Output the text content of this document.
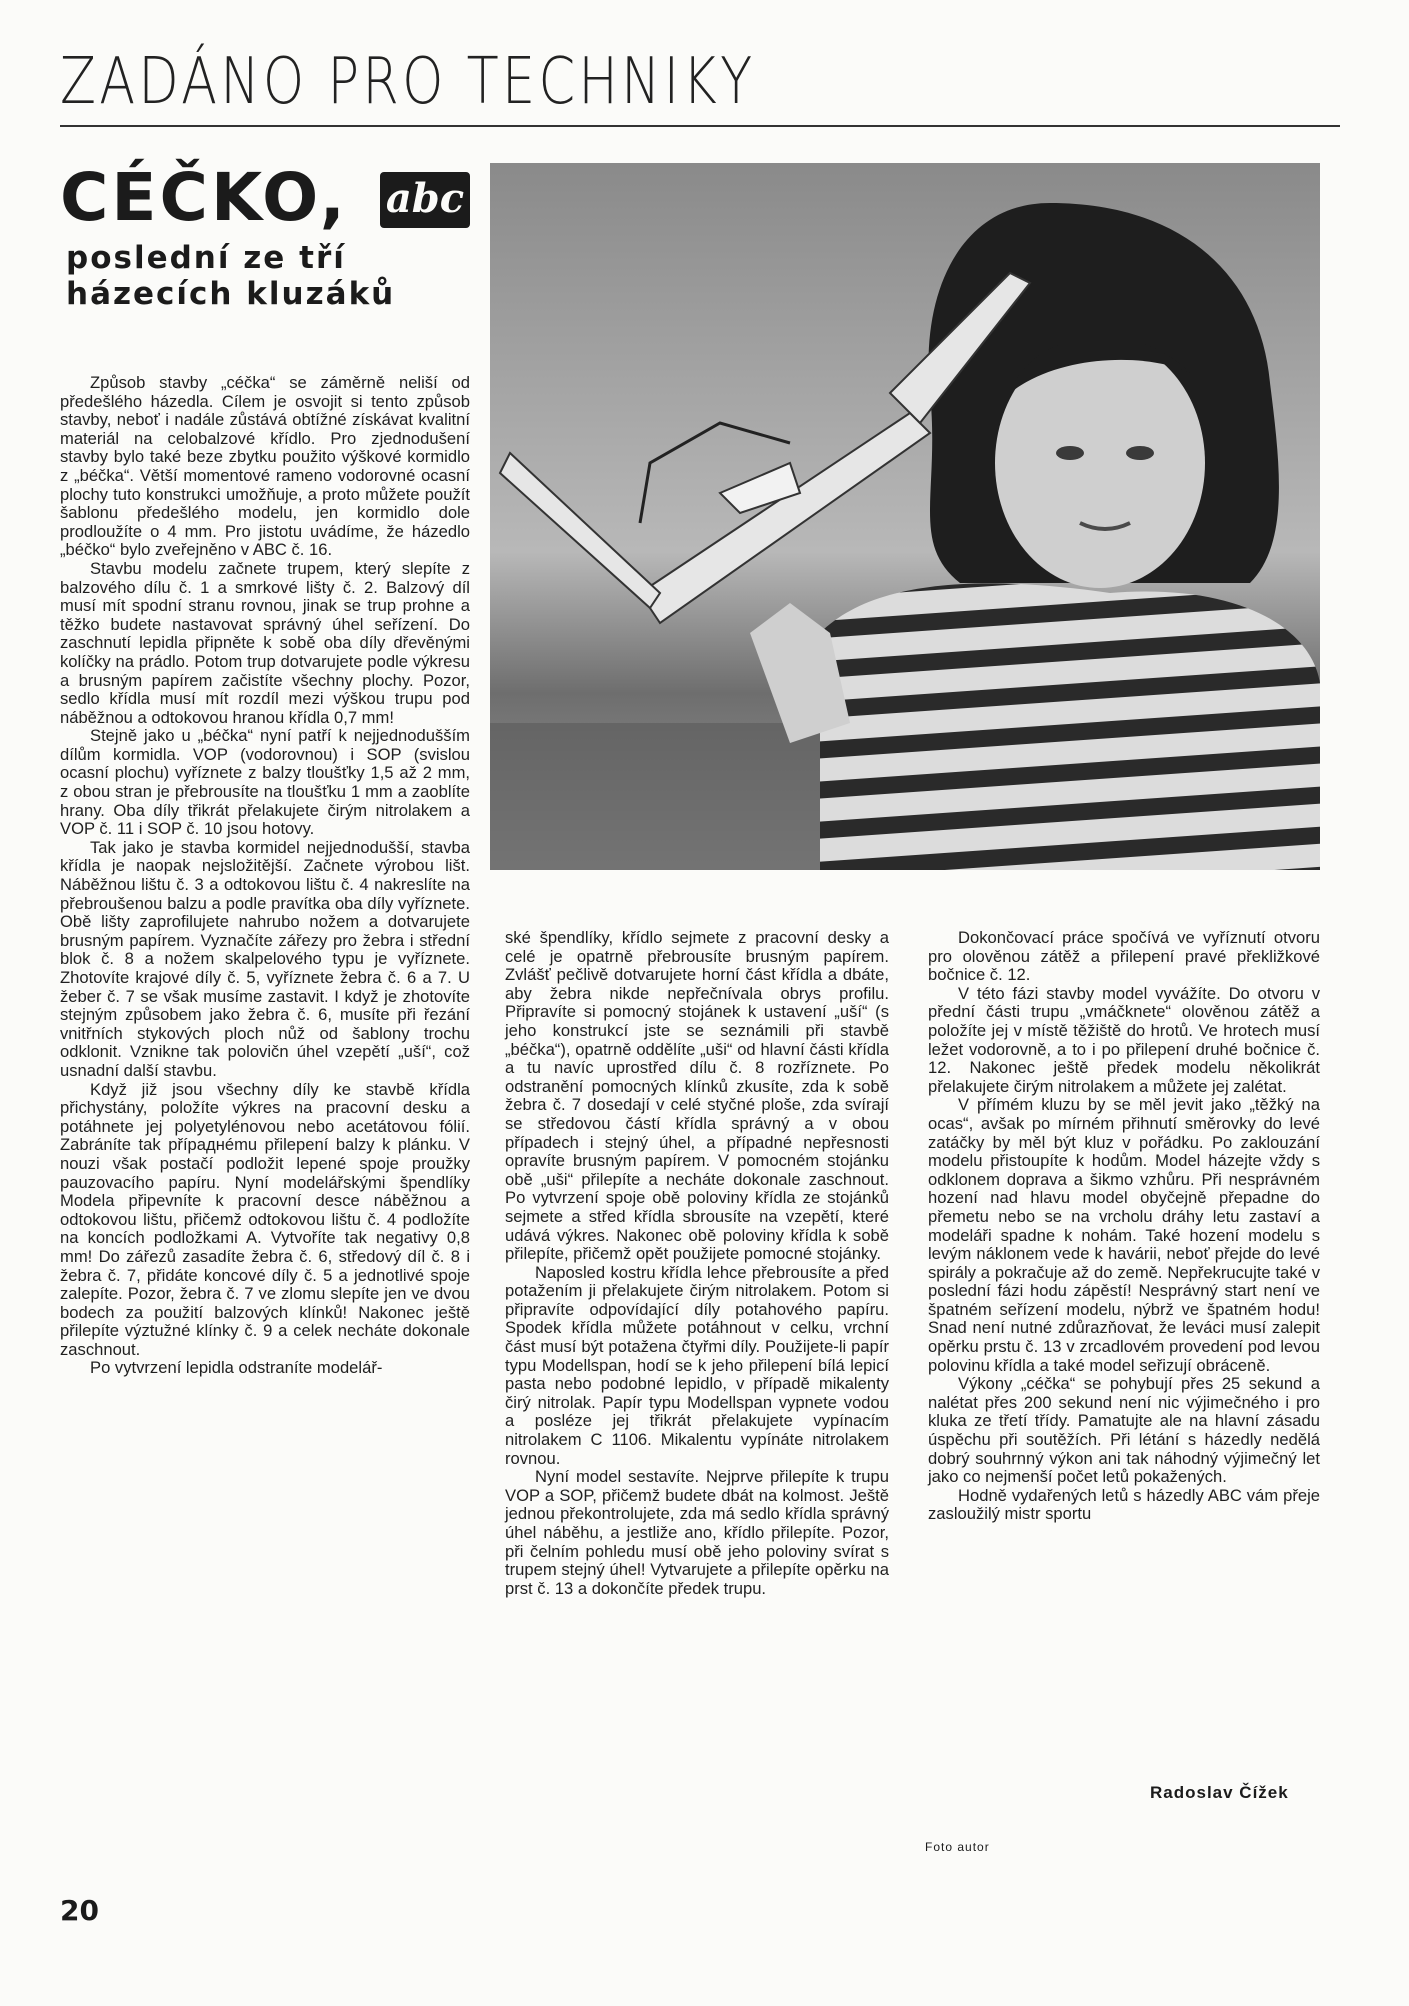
ZADÁNO PRO TECHNIKY
CÉČKO, abc
poslední ze tří házecích kluzáků

Způsob stavby „céčka“ se záměrně neliší od předešlého házedla. Cílem je osvojit si tento způsob stavby, neboť i nadále zůstává obtížné získávat kvalitní materiál na celobalzové křídlo. Pro zjednodušení stavby bylo také beze zbytku použito výškové kormidlo z „béčka“. Větší momentové rameno vodorovné ocasní plochy tuto konstrukci umožňuje, a proto můžete použít šablonu předešlého modelu, jen kormidlo dole prodloužíte o 4 mm. Pro jistotu uvádíme, že házedlo „béčko“ bylo zveřejněno v ABC č. 16.

Stavbu modelu začnete trupem, který slepíte z balzového dílu č. 1 a smrkové lišty č. 2. Balzový díl musí mít spodní stranu rovnou, jinak se trup prohne a těžko budete nastavovat správný úhel seřízení. Do zaschnutí lepidla připněte k sobě oba díly dřevěnými kolíčky na prádlo. Potom trup dotvarujete podle výkresu a brusným papírem začistíte všechny plochy. Pozor, sedlo křídla musí mít rozdíl mezi výškou trupu pod náběžnou a odtokovou hranou křídla 0,7 mm!

Stejně jako u „béčka“ nyní patří k nejjednodušším dílům kormidla. VOP (vodorovnou) i SOP (svislou ocasní plochu) vyříznete z balzy tloušťky 1,5 až 2 mm, z obou stran je přebrousíte na tloušťku 1 mm a zaoblíte hrany. Oba díly třikrát přelakujete čirým nitrolakem a VOP č. 11 i SOP č. 10 jsou hotovy.

Tak jako je stavba kormidel nejjednodušší, stavba křídla je naopak nejsložitější. Začnete výrobou lišt. Náběžnou lištu č. 3 a odtokovou lištu č. 4 nakreslíte na přebroušenou balzu a podle pravítka oba díly vyříznete. Obě lišty zaprofilujete nahrubo nožem a dotvarujete brusným papírem. Vyznačíte zářezy pro žebra i střední blok č. 8 a nožem skalpelového typu je vyříznete. Zhotovíte krajové díly č. 5, vyříznete žebra č. 6 a 7. U žeber č. 7 se však musíme zastavit. I když je zhotovíte stejným způsobem jako žebra č. 6, musíte při řezání vnitřních stykových ploch nůž od šablony trochu odklonit. Vznikne tak polovičn úhel vzepětí „uší“, což usnadní další stavbu.

Když již jsou všechny díly ke stavbě křídla přichystány, položíte výkres na pracovní desku a potáhnete jej polyetylénovou nebo acetátovou fólií. Zabráníte tak přípaднému přilepení balzy k plánku. V nouzi však postačí podložit lepené spoje proužky pauzovacího papíru. Nyní modelářskými špendlíky Modela připevníte k pracovní desce náběžnou a odtokovou lištu, přičemž odtokovou lištu č. 4 podložíte na koncích podložkami A. Vytvoříte tak negativy 0,8 mm! Do zářezů zasadíte žebra č. 6, středový díl č. 8 i žebra č. 7, přidáte koncové díly č. 5 a jednotlivé spoje zalepíte. Pozor, žebra č. 7 ve zlomu slepíte jen ve dvou bodech za použití balzových klínků! Nakonec ještě přilepíte výztužné klínky č. 9 a celek necháte dokonale zaschnout.

Po vytvrzení lepidla odstraníte modelář-

ské špendlíky, křídlo sejmete z pracovní desky a celé je opatrně přebrousíte brusným papírem. Zvlášť pečlivě dotvarujete horní část křídla a dbáte, aby žebra nikde nepřečnívala obrys profilu. Připravíte si pomocný stojánek k ustavení „uší“ (s jeho konstrukcí jste se seznámili při stavbě „béčka“), opatrně oddělíte „uši“ od hlavní části křídla a tu navíc uprostřed dílu č. 8 rozříznete. Po odstranění pomocných klínků zkusíte, zda k sobě žebra č. 7 dosedají v celé styčné ploše, zda svírají se středovou částí křídla správný a v obou případech i stejný úhel, a případné nepřesnosti opravíte brusným papírem. V pomocném stojánku obě „uši“ přilepíte a necháte dokonale zaschnout. Po vytvrzení spoje obě poloviny křídla ze stojánků sejmete a střed křídla sbrousíte na vzepětí, které udává výkres. Nakonec obě poloviny křídla k sobě přilepíte, přičemž opět použijete pomocné stojánky.

Naposled kostru křídla lehce přebrousíte a před potažením ji přelakujete čirým nitrolakem. Potom si připravíte odpovídající díly potahového papíru. Spodek křídla můžete potáhnout v celku, vrchní část musí být potažena čtyřmi díly. Použijete-li papír typu Modellspan, hodí se k jeho přilepení bílá lepicí pasta nebo podobné lepidlo, v případě mikalenty čirý nitrolak. Papír typu Modellspan vypnete vodou a posléze jej třikrát přelakujete vypínacím nitrolakem C 1106. Mikalentu vypínáte nitrolakem rovnou.

Nyní model sestavíte. Nejprve přilepíte k trupu VOP a SOP, přičemž budete dbát na kolmost. Ještě jednou překontrolujete, zda má sedlo křídla správný úhel náběhu, a jestliže ano, křídlo přilepíte. Pozor, při čelním pohledu musí obě jeho poloviny svírat s trupem stejný úhel! Vytvarujete a přilepíte opěrku na prst č. 13 a dokončíte předek trupu.

Dokončovací práce spočívá ve vyříznutí otvoru pro olověnou zátěž a přilepení pravé překližkové bočnice č. 12.

V této fázi stavby model vyvážíte. Do otvoru v přední části trupu „vmáčknete“ olověnou zátěž a položíte jej v místě těžiště do hrotů. Ve hrotech musí ležet vodorovně, a to i po přilepení druhé bočnice č. 12. Nakonec ještě předek modelu několikrát přelakujete čirým nitrolakem a můžete jej zalétat.

V přímém kluzu by se měl jevit jako „těžký na ocas“, avšak po mírném přihnutí směrovky do levé zatáčky by měl být kluz v pořádku. Po zaklouzání modelu přistoupíte k hodům. Model házejte vždy s odklonem doprava a šikmo vzhůru. Při nesprávném hození nad hlavu model obyčejně přepadne do přemetu nebo se na vrcholu dráhy letu zastaví a modeláři spadne k nohám. Také hození modelu s levým náklonem vede k havárii, neboť přejde do levé spirály a pokračuje až do země. Nepřekrucujte také v poslední fázi hodu zápěstí! Nesprávný start není ve špatném seřízení modelu, nýbrž ve špatném hodu! Snad není nutné zdůrazňovat, že leváci musí zalepit opěrku prstu č. 13 v zrcadlovém provedení pod levou polovinu křídla a také model seřizují obráceně.

Výkony „céčka“ se pohybují přes 25 sekund a nalétat přes 200 sekund není nic výjimečného i pro kluka ze třetí třídy. Pamatujte ale na hlavní zásadu úspěchu při soutěžích. Při létání s házedly nedělá dobrý souhrnný výkon ani tak náhodný výjimečný let jako co nejmenší počet letů pokažených.

Hodně vydařených letů s házedly ABC vám přeje zasloužilý mistr sportu

Radoslav Čížek
Foto autor
20
